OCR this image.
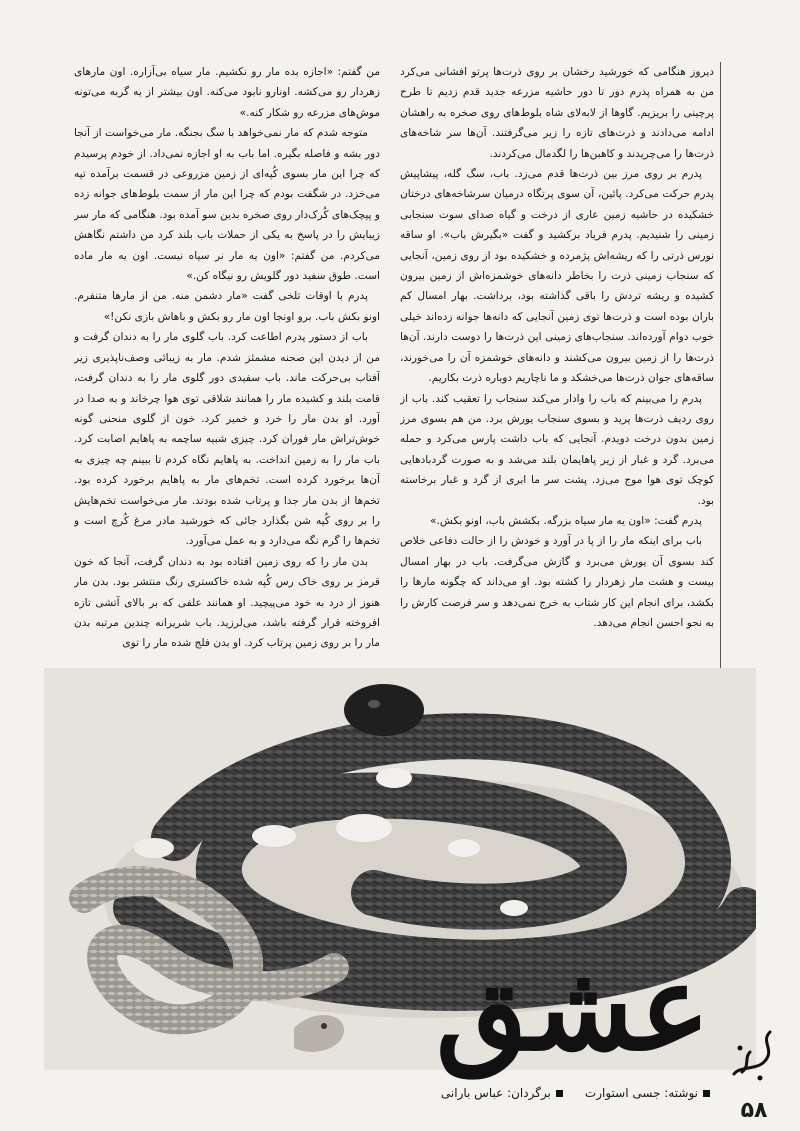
دیروز هنگامی که خورشید رخشان بر روی ذرت‌ها پرتو افشانی می‌کرد من به همراه پدرم دور تا دور حاشیه مزرعه جدید قدم زدیم تا طرح پرچینی را بریزیم. گاوها از لابه‌لای شاه بلوط‌های روی صخره به راهشان ادامه می‌دادند و ذرت‌های تازه را زیر می‌گرفتند. آن‌ها سر شاخه‌های ذرت‌ها را می‌چریدند و کاهبن‌ها را لگدمال می‌کردند.

پدرم بر روی مرز بین ذرت‌ها قدم می‌زد. باب، سگ گله، پیشاپیش پدرم حرکت می‌کرد. پائین، آن سوی پرتگاه درمیان سرشاخه‌های درختان خشکیده در حاشیه زمین عاری از درخت و گیاه صدای سوت سنجابی زمینی را شنیدیم. پدرم فریاد برکشید و گفت «بگیرش باب». او ساقه نورس ذرتی را که ریشه‌اش پژمرده و خشکیده بود از روی زمین، آنجایی که سنجاب زمینی ذرت را بخاطر دانه‌های خوشمزه‌اش از زمین بیرون کشیده و ریشه تردش را باقی گذاشته بود، برداشت. بهار امسال کم باران بوده است و ذرت‌ها توی زمین آنجایی که دانه‌ها جوانه زده‌اند خیلی خوب دوام آورده‌اند. سنجاب‌های زمینی این ذرت‌ها را دوست دارند. آن‌ها ذرت‌ها را از زمین بیرون می‌کشند و دانه‌های خوشمزه آن را می‌خورند، ساقه‌های جوان ذرت‌ها می‌خشکد و ما ناچاریم دوباره ذرت بکاریم.

پدرم را می‌بینم که باب را وادار می‌کند سنجاب را تعقیب کند. باب از روی ردیف ذرت‌ها پرید و بسوی سنجاب یورش برد. من هم بسوی مرز زمین بدون درخت دویدم. آنجایی که باب داشت پارس می‌کرد و حمله می‌برد. گرد و غبار از زیر پاهایمان بلند می‌شد و به صورت گردبادهایی کوچک توی هوا موج می‌زد. پشت سر ما ابری از گرد و غبار برخاسته بود.

پدرم گفت: «اون یه مار سیاه بزرگه. بکشش باب، اونو بکش.»

باب برای اینکه مار را از پا در آورد و خودش را از حالت دفاعی خلاص کند بسوی آن یورش می‌برد و گازش می‌گرفت. باب در بهار امسال بیست و هشت مار زهردار را کشته بود. او می‌داند که چگونه مارها را بکشد، برای انجام این کار شتاب به خرج نمی‌دهد و سر فرصت کارش را به نحو احسن انجام می‌دهد.

من گفتم: «اجازه بده مار رو نکشیم. مار سیاه بی‌آزاره. اون مارهای زهردار رو می‌کشه. اونارو نابود می‌کنه. اون بیشتر از یه گربه می‌تونه موش‌های مزرعه رو شکار کنه.»

متوجه شدم که مار نمی‌خواهد با سگ بجنگه. مار می‌خواست از آنجا دور بشه و فاصله بگیره. اما باب به او اجازه نمی‌داد. از خودم پرسیدم که چرا این مار بسوی کُپه‌ای از زمین مزروعی در قسمت برآمده تپه می‌خزد. در شگفت بودم که چرا این مار از سمت بلوط‌های جوانه زده و پیچک‌های کُرک‌دار روی صخره بدین سو آمده بود. هنگامی که مار سر زیبایش را در پاسخ به یکی از حملات باب بلند کرد من داشتم نگاهش می‌کردم. من گفتم: «اون یه مار نر سیاه نیست. اون یه مار ماده است. طوق سفید دور گلویش رو نیگاه کن.»

پدرم با اوقات تلخی گفت «مار دشمن منه. من از مارها متنفرم. اونو بکش باب. برو اونجا اون مار رو بکش و باهاش بازی نکن!»

باب از دستور پدرم اطاعت کرد. باب گلوی مار را به دندان گرفت و من از دیدن این صحنه مشمئز شدم. مار به زیبائی وصف‌ناپذیری زیر آفتاب بی‌حرکت ماند. باب سفیدی دور گلوی مار را به دندان گرفت، قامت بلند و کشیده مار را همانند شلاقی توی هوا چرخاند و به صدا در آورد. او بدن مار را خرد و خمیر کرد. خون از گلوی منحنی گونه خوش‌تراش مار فوران کرد. چیزی شبیه ساچمه به پاهایم اصابت کرد. باب مار را به زمین انداخت. به پاهایم نگاه کردم تا ببینم چه چیزی به آن‌ها برخورد کرده است. تخم‌های مار به پاهایم برخورد کرده بود. تخم‌ها از بدن مار جدا و پرتاب شده بودند. مار می‌خواست تخم‌هایش را بر روی کُپه شن بگذارد جائی که خورشید مادر مرغ کُرچ است و تخم‌ها را گرم نگه می‌دارد و به عمل می‌آورد.

بدن مار را که روی زمین افتاده بود به دندان گرفت، آنجا که خون قرمز بر روی خاک رس کُپه شده خاکستری رنگ منتشر بود. بدن مار هنوز از درد به خود می‌پیچید. او همانند علفی که بر بالای آتشی تازه افروخته قرار گرفته باشد، می‌لرزید. باب شریرانه چندین مرتبه بدن مار را بر روی زمین پرتاب کرد. او بدن فلج شده مار را توی

عشق
نوشته: جسی استوارت
برگردان: عباس بارانی
۵۸
